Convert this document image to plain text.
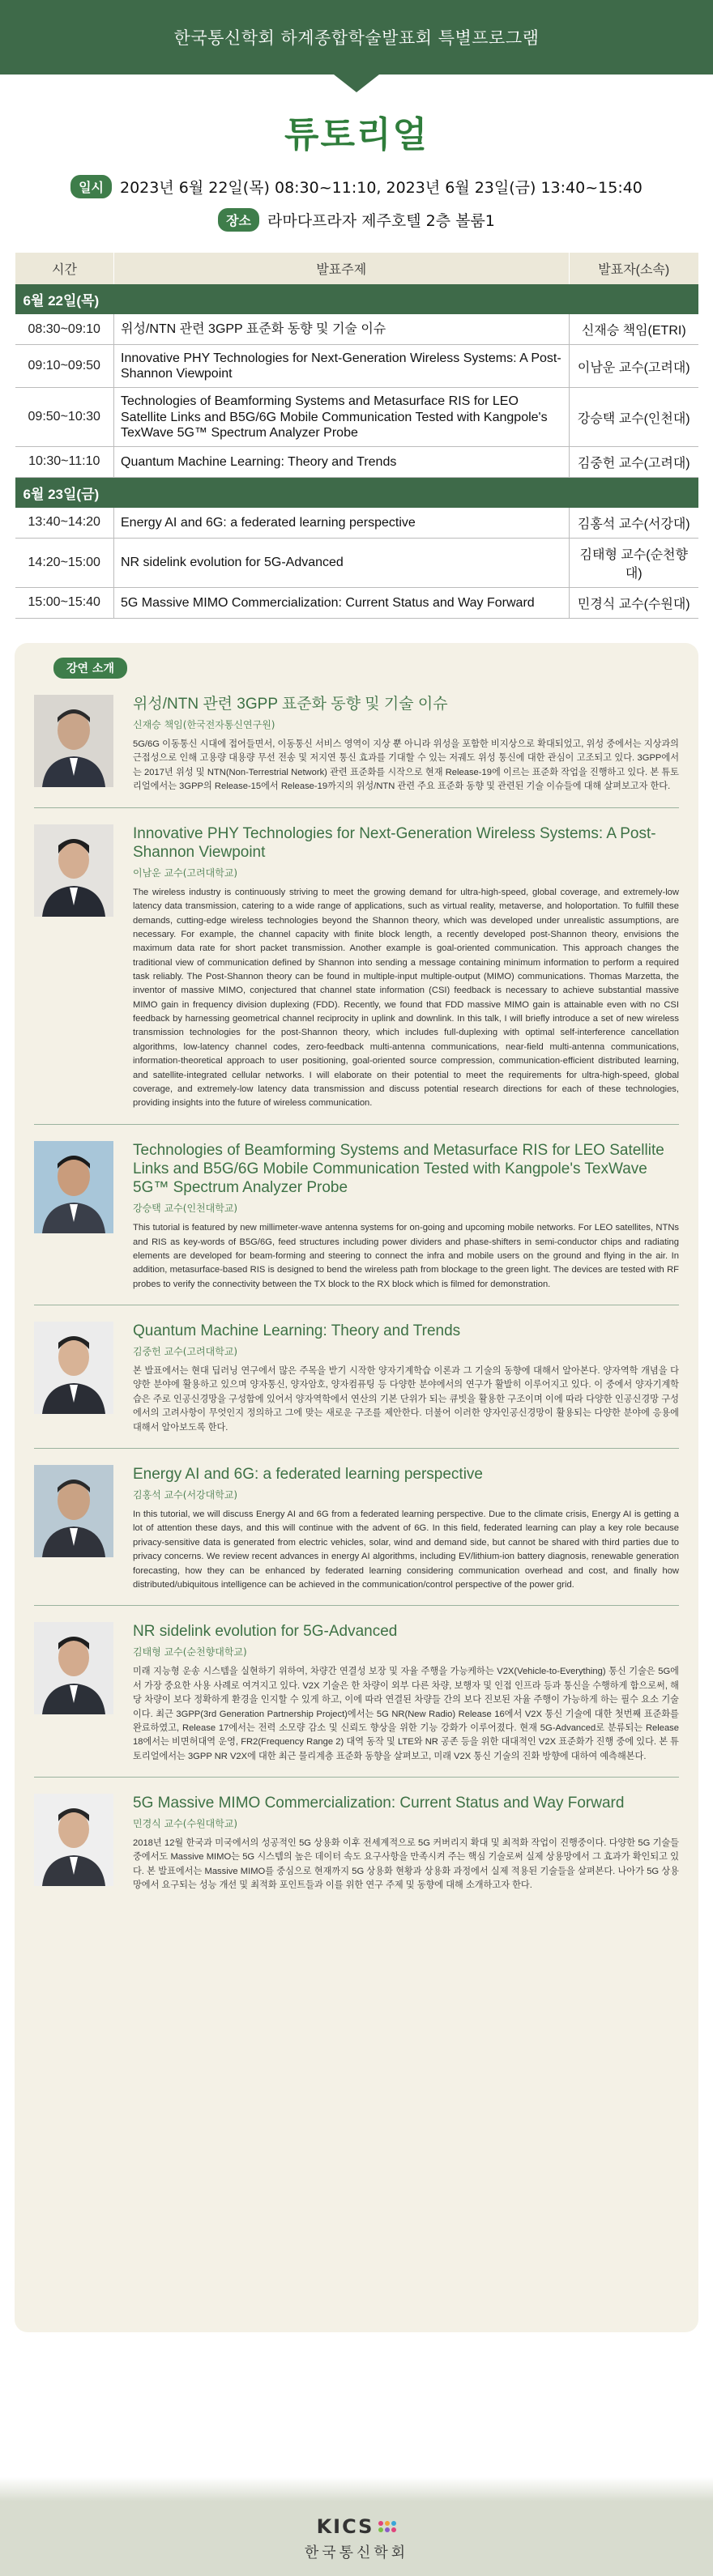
한국통신학회 하계종합학술발표회 특별프로그램
튜토리얼
일시	2023년 6월 22일(목) 08:30~11:10, 2023년 6월 23일(금) 13:40~15:40
장소	라마다프라자 제주호텔 2층 볼룸1
시간	발표주제	발표자(소속)
6월 22일(목)		
08:30~09:10	위성/NTN 관련 3GPP 표준화 동향 및 기술 이슈	신재승 책임(ETRI)
09:10~09:50	Innovative PHY Technologies for Next-Generation Wireless Systems: A Post-Shannon Viewpoint	이남운 교수(고려대)
09:50~10:30	Technologies of Beamforming Systems and Metasurface RIS for LEO Satellite Links and B5G/6G Mobile Communication Tested with Kangpole's TexWave 5G™ Spectrum Analyzer Probe	강승택 교수(인천대)
10:30~11:10	Quantum Machine Learning: Theory and Trends	김중헌 교수(고려대)
6월 23일(금)		
13:40~14:20	Energy AI and 6G: a federated learning perspective	김홍석 교수(서강대)
14:20~15:00	NR sidelink evolution for 5G-Advanced	김태형 교수(순천향대)
15:00~15:40	5G Massive MIMO Commercialization: Current Status and Way Forward	민경식 교수(수원대)
강연 소개
위성/NTN 관련 3GPP 표준화 동향 및 기술 이슈
신재승 책임(한국전자통신연구원)
5G/6G 이동통신 시대에 접어들면서, 이동통신 서비스 영역이 지상 뿐 아니라 위성을 포함한 비지상으로 확대되었고, 위성 중에서는 지상과의 근접성으로 인해 고용량 대용량 무선 전송 및 저지연 통신 효과를 기대할 수 있는 저궤도 위성 통신에 대한 관심이 고조되고 있다. 3GPP에서는 2017년 위성 및 NTN(Non-Terrestrial Network) 관련 표준화를 시작으로 현재 Release-19에 이르는 표준화 작업을 진행하고 있다. 본 튜토리얼에서는 3GPP의 Release-15에서 Release-19까지의 위성/NTN 관련 주요 표준화 동향 및 관련된 기술 이슈들에 대해 살펴보고자 한다.
Innovative PHY Technologies for Next-Generation Wireless Systems: A Post-Shannon Viewpoint
이남운 교수(고려대학교)
The wireless industry is continuously striving to meet the growing demand for ultra-high-speed, global coverage, and extremely-low latency data transmission, catering to a wide range of applications, such as virtual reality, metaverse, and holoportation. To fulfill these demands, cutting-edge wireless technologies beyond the Shannon theory, which was developed under unrealistic assumptions, are necessary. For example, the channel capacity with finite block length, a recently developed post-Shannon theory, envisions the maximum data rate for short packet transmission. Another example is goal-oriented communication. This approach changes the traditional view of communication defined by Shannon into sending a message containing minimum information to perform a required task reliably. The Post-Shannon theory can be found in multiple-input multiple-output (MIMO) communications. Thomas Marzetta, the inventor of massive MIMO, conjectured that channel state information (CSI) feedback is necessary to achieve substantial massive MIMO gain in frequency division duplexing (FDD). Recently, we found that FDD massive MIMO gain is attainable even with no CSI feedback by harnessing geometrical channel reciprocity in uplink and downlink. In this talk, I will briefly introduce a set of new wireless transmission technologies for the post-Shannon theory, which includes full-duplexing with optimal self-interference cancellation algorithms, low-latency channel codes, zero-feedback multi-antenna communications, near-field multi-antenna communications, information-theoretical approach to user positioning, goal-oriented source compression, communication-efficient distributed learning, and satellite-integrated cellular networks. I will elaborate on their potential to meet the requirements for ultra-high-speed, global coverage, and extremely-low latency data transmission and discuss potential research directions for each of these technologies, providing insights into the future of wireless communication.
Technologies of Beamforming Systems and Metasurface RIS for LEO Satellite Links and B5G/6G Mobile Communication Tested with Kangpole's TexWave 5G™ Spectrum Analyzer Probe
강승택 교수(인천대학교)
This tutorial is featured by new millimeter-wave antenna systems for on-going and upcoming mobile networks. For LEO satellites, NTNs and RIS as key-words of B5G/6G, feed structures including power dividers and phase-shifters in semi-conductor chips and radiating elements are developed for beam-forming and steering to connect the infra and mobile users on the ground and flying in the air. In addition, metasurface-based RIS is designed to bend the wireless path from blockage to the green light. The devices are tested with RF probes to verify the connectivity between the TX block to the RX block which is filmed for demonstration.
Quantum Machine Learning: Theory and Trends
김중헌 교수(고려대학교)
본 발표에서는 현대 딥러닝 연구에서 많은 주목을 받기 시작한 양자기계학습 이론과 그 기술의 동향에 대해서 알아본다. 양자역학 개념을 다양한 분야에 활용하고 있으며 양자통신, 양자암호, 양자컴퓨팅 등 다양한 분야에서의 연구가 활발히 이루어지고 있다. 이 중에서 양자기계학습은 주로 인공신경망을 구성함에 있어서 양자역학에서 연산의 기본 단위가 되는 큐빗을 활용한 구조이며 이에 따라 다양한 인공신경망 구성에서의 고려사항이 무엇인지 정의하고 그에 맞는 새로운 구조를 제안한다. 더불어 이러한 양자인공신경망이 활용되는 다양한 분야에 응용에 대해서 알아보도록 한다.
Energy AI and 6G: a federated learning perspective
김홍석 교수(서강대학교)
In this tutorial, we will discuss Energy AI and 6G from a federated learning perspective. Due to the climate crisis, Energy AI is getting a lot of attention these days, and this will continue with the advent of 6G. In this field, federated learning can play a key role because privacy-sensitive data is generated from electric vehicles, solar, wind and demand side, but cannot be shared with third parties due to privacy concerns. We review recent advances in energy AI algorithms, including EV/lithium-ion battery diagnosis, renewable generation forecasting, how they can be enhanced by federated learning considering communication overhead and cost, and finally how distributed/ubiquitous intelligence can be achieved in the communication/control perspective of the power grid.
NR sidelink evolution for 5G-Advanced
김태형 교수(순천향대학교)
미래 지능형 운송 시스템을 실현하기 위하여, 차량간 연결성 보장 및 자율 주행을 가능케하는 V2X(Vehicle-to-Everything) 통신 기술은 5G에서 가장 중요한 사용 사례로 여겨지고 있다. V2X 기술은 한 차량이 외부 다른 차량, 보행자 및 인접 인프라 등과 통신을 수행하게 함으로써, 해당 차량이 보다 정확하게 환경을 인지할 수 있게 하고, 이에 따라 연결된 차량들 간의 보다 진보된 자율 주행이 가능하게 하는 필수 요소 기술이다. 최근 3GPP(3rd Generation Partnership Project)에서는 5G NR(New Radio) Release 16에서 V2X 통신 기술에 대한 첫번째 표준화를 완료하였고, Release 17에서는 전력 소모량 감소 및 신뢰도 향상을 위한 기능 강화가 이루어졌다. 현재 5G-Advanced로 분류되는 Release 18에서는 비면허대역 운영, FR2(Frequency Range 2) 대역 동작 및 LTE와 NR 공존 등을 위한 대대적인 V2X 표준화가 진행 중에 있다. 본 튜토리얼에서는 3GPP NR V2X에 대한 최근 물리계층 표준화 동향을 살펴보고, 미래 V2X 통신 기술의 진화 방향에 대하여 예측해본다.
5G Massive MIMO Commercialization: Current Status and Way Forward
민경식 교수(수원대학교)
2018년 12월 한국과 미국에서의 성공적인 5G 상용화 이후 전세계적으로 5G 커버리지 확대 및 최적화 작업이 진행중이다. 다양한 5G 기술들 중에서도 Massive MIMO는 5G 시스템의 높은 데이터 속도 요구사항을 만족시켜 주는 핵심 기술로써 실제 상용망에서 그 효과가 확인되고 있다. 본 발표에서는 Massive MIMO를 중심으로 현재까지 5G 상용화 현황과 상용화 과정에서 실제 적용된 기술들을 살펴본다. 나아가 5G 상용망에서 요구되는 성능 개선 및 최적화 포인트들과 이를 위한 연구 주제 및 동향에 대해 소개하고자 한다.
KICS
한국통신학회
